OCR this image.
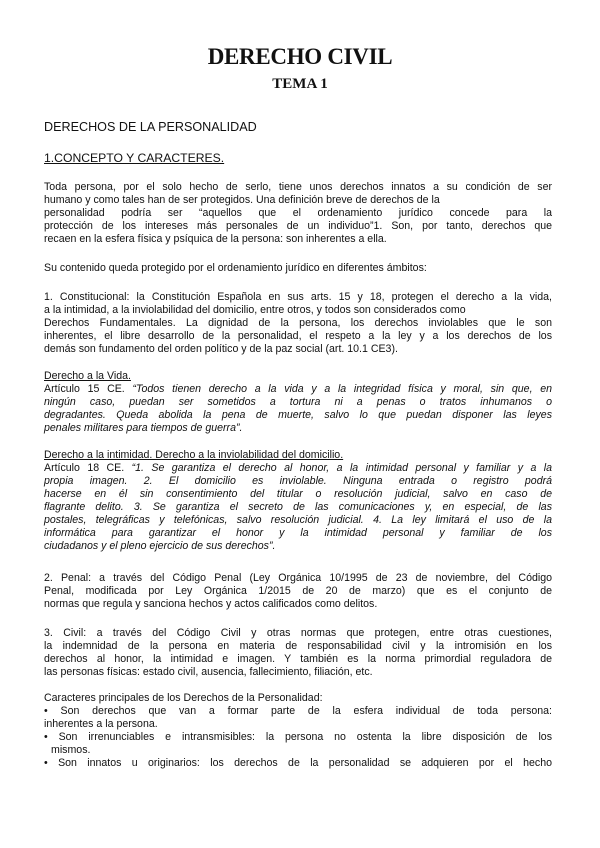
DERECHO CIVIL
TEMA 1
DERECHOS DE LA PERSONALIDAD
1.CONCEPTO Y CARACTERES.
Toda persona, por el solo hecho de serlo, tiene unos derechos innatos a su condición de ser
humano y como tales han de ser protegidos. Una definición breve de derechos de la
personalidad podría ser “aquellos que el ordenamiento jurídico concede para la
protección de los intereses más personales de un individuo”1. Son, por tanto, derechos que
recaen en la esfera física y psíquica de la persona: son inherentes a ella.
Su contenido queda protegido por el ordenamiento jurídico en diferentes ámbitos:
1. Constitucional: la Constitución Española en sus arts. 15 y 18, protegen el derecho a la vida,
a la intimidad, a la inviolabilidad del domicilio, entre otros, y todos son considerados como
Derechos Fundamentales. La dignidad de la persona, los derechos inviolables que le son
inherentes, el libre desarrollo de la personalidad, el respeto a la ley y a los derechos de los
demás son fundamento del orden político y de la paz social (art. 10.1 CE3).
Derecho a la Vida.
Artículo 15 CE. “Todos tienen derecho a la vida y a la integridad física y moral, sin que, en
ningún caso, puedan ser sometidos a tortura ni a penas o tratos inhumanos o
degradantes. Queda abolida la pena de muerte, salvo lo que puedan disponer las leyes
penales militares para tiempos de guerra”.
Derecho a la intimidad. Derecho a la inviolabilidad del domicilio.
Artículo 18 CE. “1. Se garantiza el derecho al honor, a la intimidad personal y familiar y a la
propia imagen. 2. El domicilio es inviolable. Ninguna entrada o registro podrá
hacerse en él sin consentimiento del titular o resolución judicial, salvo en caso de
flagrante delito. 3. Se garantiza el secreto de las comunicaciones y, en especial, de las
postales, telegráficas y telefónicas, salvo resolución judicial. 4. La ley limitará el uso de la
informática para garantizar el honor y la intimidad personal y familiar de los
ciudadanos y el pleno ejercicio de sus derechos”.
2. Penal: a través del Código Penal (Ley Orgánica 10/1995 de 23 de noviembre, del Código
Penal, modificada por Ley Orgánica 1/2015 de 20 de marzo) que es el conjunto de
normas que regula y sanciona hechos y actos calificados como delitos.
3. Civil: a través del Código Civil y otras normas que protegen, entre otras cuestiones,
la indemnidad de la persona en materia de responsabilidad civil y la intromisión en los
derechos al honor, la intimidad e imagen. Y también es la norma primordial reguladora de
las personas físicas: estado civil, ausencia, fallecimiento, filiación, etc.
Caracteres principales de los Derechos de la Personalidad:
• Son derechos que van a formar parte de la esfera individual de toda persona:
inherentes a la persona.
• Son irrenunciables e intransmisibles: la persona no ostenta la libre disposición de los
mismos.
• Son innatos u originarios: los derechos de la personalidad se adquieren por el hecho
